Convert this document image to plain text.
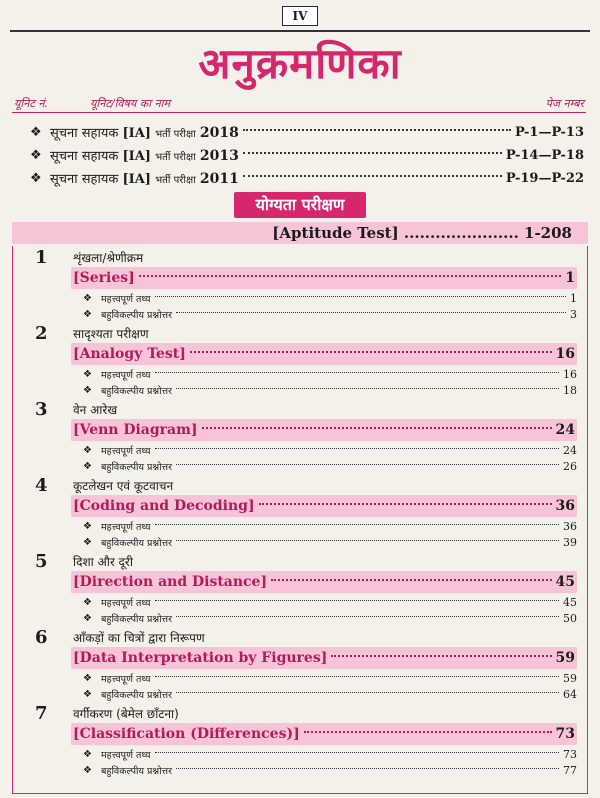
IV
अनुक्रमणिका
यूनिट नं.	यूनिट/विषय का नाम	पेज नम्बर
❖ सूचना सहायक [IA] भर्ती परीक्षा 2018	P-1—P-13
❖ सूचना सहायक [IA] भर्ती परीक्षा 2013	P-14—P-18
❖ सूचना सहायक [IA] भर्ती परीक्षा 2011	P-19—P-22
योग्यता परीक्षण
[Aptitude Test] ...................... 1-208
1 शृंखला/श्रेणीक्रम
[Series]	1
❖ महत्त्वपूर्ण तथ्य	1
❖ बहुविकल्पीय प्रश्नोत्तर	3
2 सादृश्यता परीक्षण
[Analogy Test]	16
❖ महत्त्वपूर्ण तथ्य	16
❖ बहुविकल्पीय प्रश्नोत्तर	18
3 वेन आरेख
[Venn Diagram]	24
❖ महत्त्वपूर्ण तथ्य	24
❖ बहुविकल्पीय प्रश्नोत्तर	26
4 कूटलेखन एवं कूटवाचन
[Coding and Decoding]	36
❖ महत्त्वपूर्ण तथ्य	36
❖ बहुविकल्पीय प्रश्नोत्तर	39
5 दिशा और दूरी
[Direction and Distance]	45
❖ महत्त्वपूर्ण तथ्य	45
❖ बहुविकल्पीय प्रश्नोत्तर	50
6 आँकड़ों का चित्रों द्वारा निरूपण
[Data Interpretation by Figures]	59
❖ महत्त्वपूर्ण तथ्य	59
❖ बहुविकल्पीय प्रश्नोत्तर	64
7 वर्गीकरण (बेमेल छाँटना)
[Classification (Differences)]	73
❖ महत्त्वपूर्ण तथ्य	73
❖ बहुविकल्पीय प्रश्नोत्तर	77
